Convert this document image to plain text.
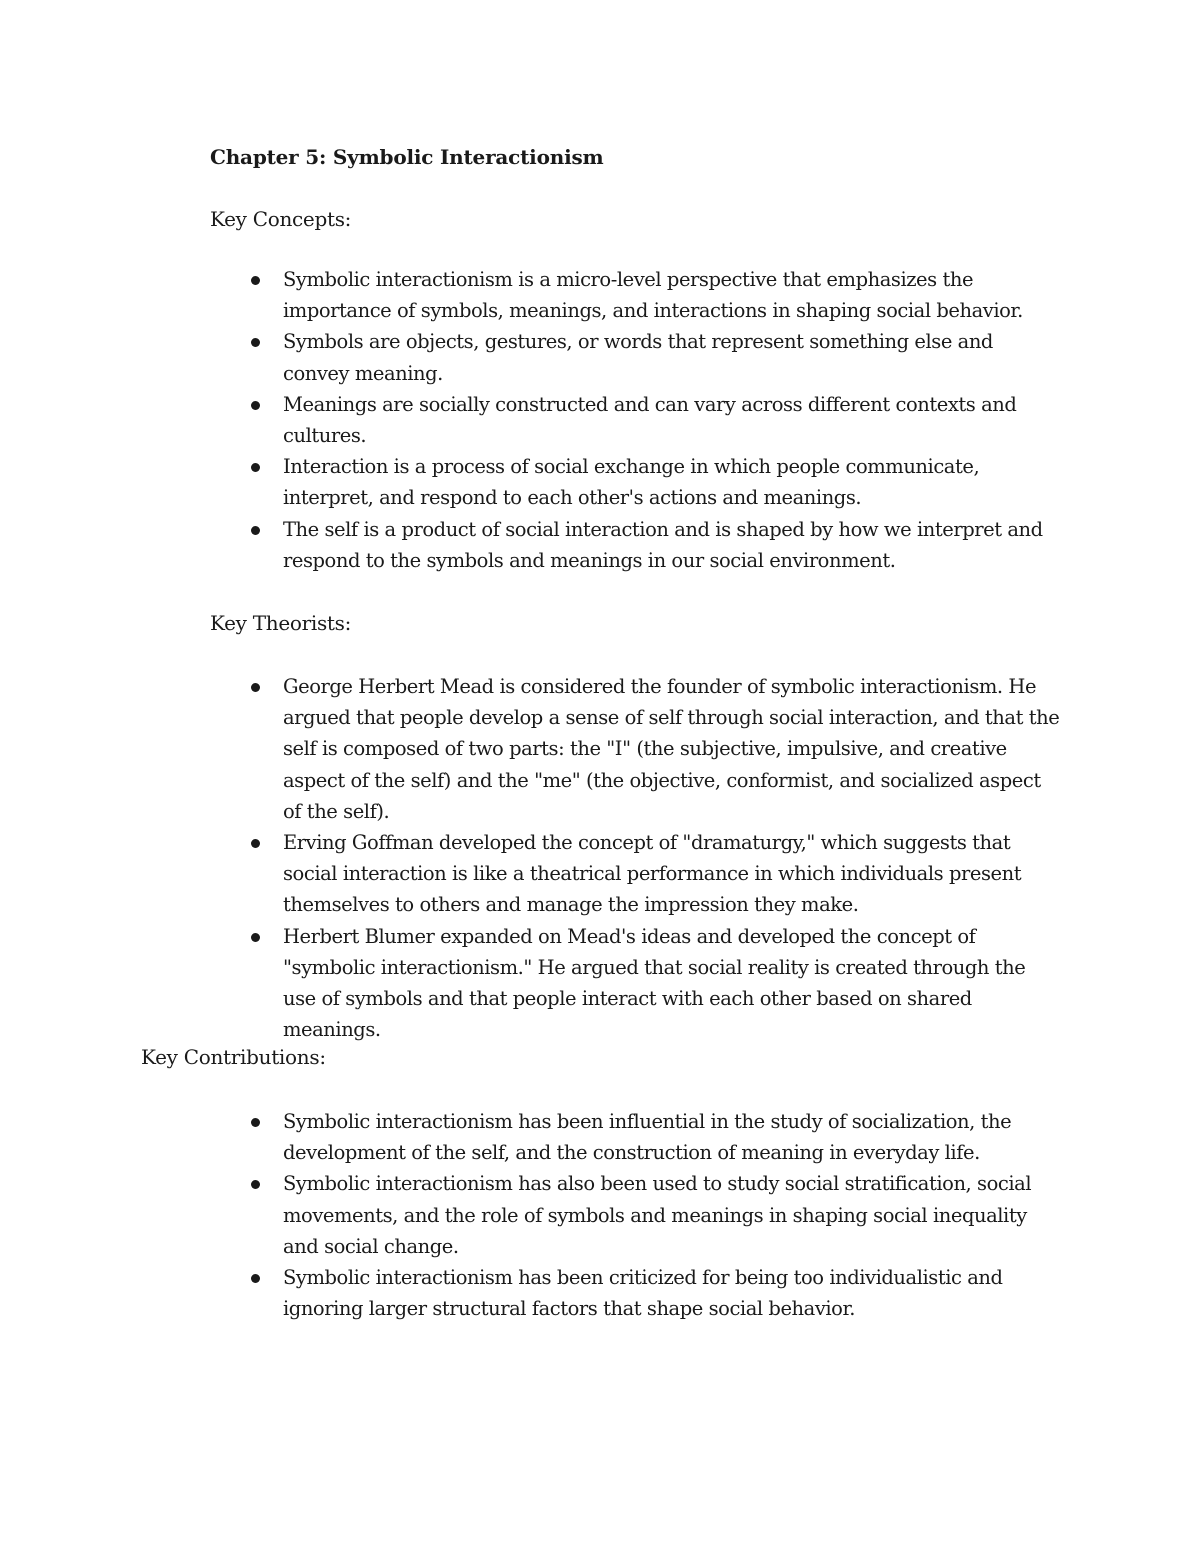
Chapter 5: Symbolic Interactionism
Key Concepts:
Symbolic interactionism is a micro-level perspective that emphasizes the importance of symbols, meanings, and interactions in shaping social behavior.
Symbols are objects, gestures, or words that represent something else and convey meaning.
Meanings are socially constructed and can vary across different contexts and cultures.
Interaction is a process of social exchange in which people communicate, interpret, and respond to each other's actions and meanings.
The self is a product of social interaction and is shaped by how we interpret and respond to the symbols and meanings in our social environment.
Key Theorists:
George Herbert Mead is considered the founder of symbolic interactionism. He argued that people develop a sense of self through social interaction, and that the self is composed of two parts: the "I" (the subjective, impulsive, and creative aspect of the self) and the "me" (the objective, conformist, and socialized aspect of the self).
Erving Goffman developed the concept of "dramaturgy," which suggests that social interaction is like a theatrical performance in which individuals present themselves to others and manage the impression they make.
Herbert Blumer expanded on Mead's ideas and developed the concept of "symbolic interactionism." He argued that social reality is created through the use of symbols and that people interact with each other based on shared meanings.
Key Contributions:
Symbolic interactionism has been influential in the study of socialization, the development of the self, and the construction of meaning in everyday life.
Symbolic interactionism has also been used to study social stratification, social movements, and the role of symbols and meanings in shaping social inequality and social change.
Symbolic interactionism has been criticized for being too individualistic and ignoring larger structural factors that shape social behavior.
